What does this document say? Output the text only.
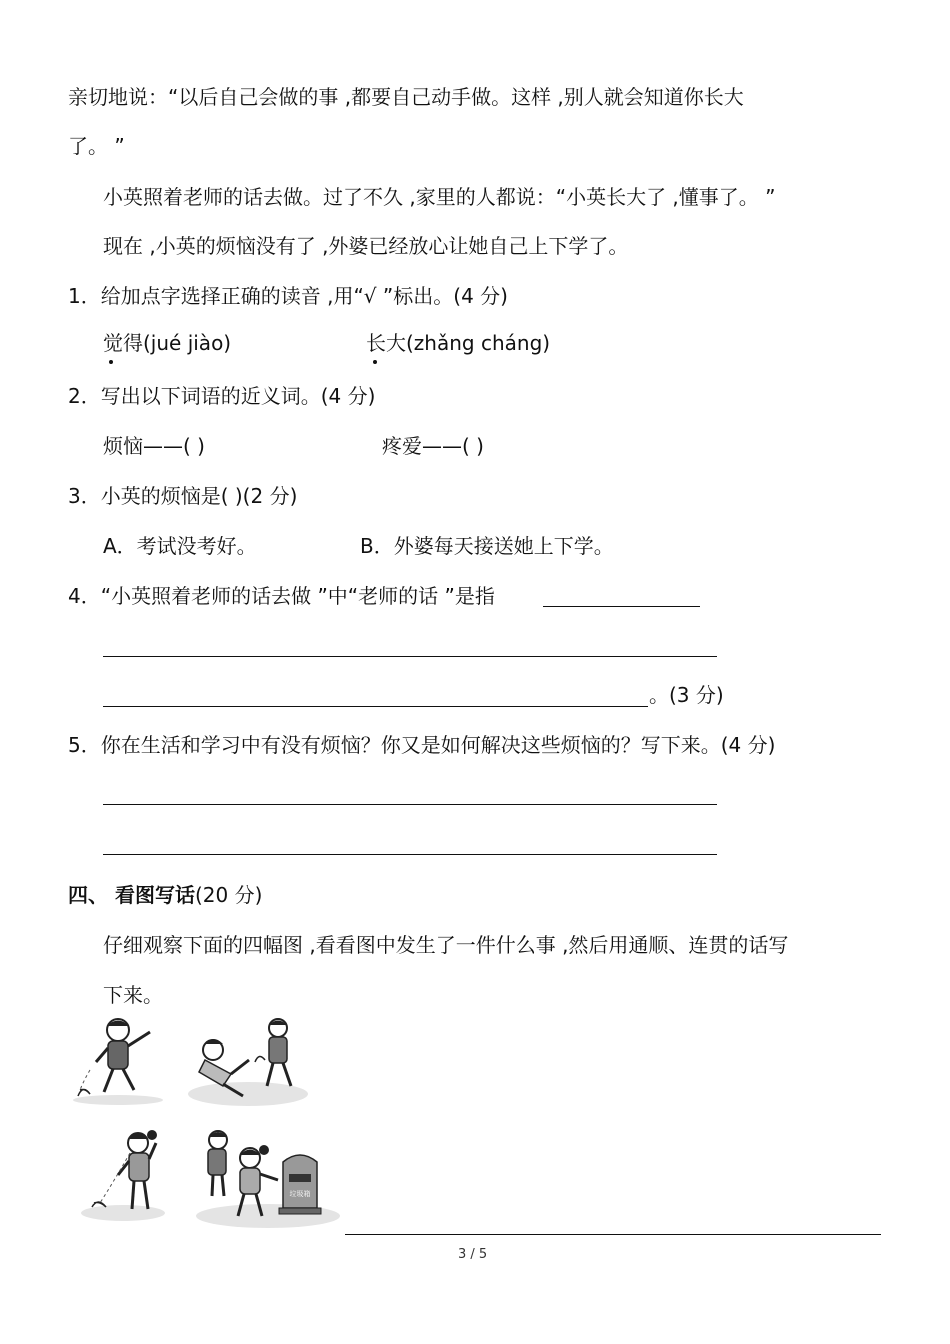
亲切地说：“以后自己会做的事 ,都要自己动手做。这样 ,别人就会知道你长大
了。 ”
小英照着老师的话去做。过了不久 ,家里的人都说：“小英长大了 ,懂事了。 ”
现在 ,小英的烦恼没有了 ,外婆已经放心让她自己上下学了。
1．给加点字选择正确的读音 ,用“√ ”标出。(4 分)
觉得(jué jiào)	长大(zhǎng cháng)
2．写出以下词语的近义词。(4 分)
烦恼——( )	疼爱——( )
3．小英的烦恼是( )(2 分)
A．考试没考好。	B．外婆每天接送她上下学。
4．“小英照着老师的话去做 ”中“老师的话 ”是指
。(3 分)
5．你在生活和学习中有没有烦恼？你又是如何解决这些烦恼的？写下来。(4 分)
四、 看图写话(20 分)
仔细观察下面的四幅图 ,看看图中发生了一件什么事 ,然后用通顺、连贯的话写
下来。
垃圾箱
3 / 5
